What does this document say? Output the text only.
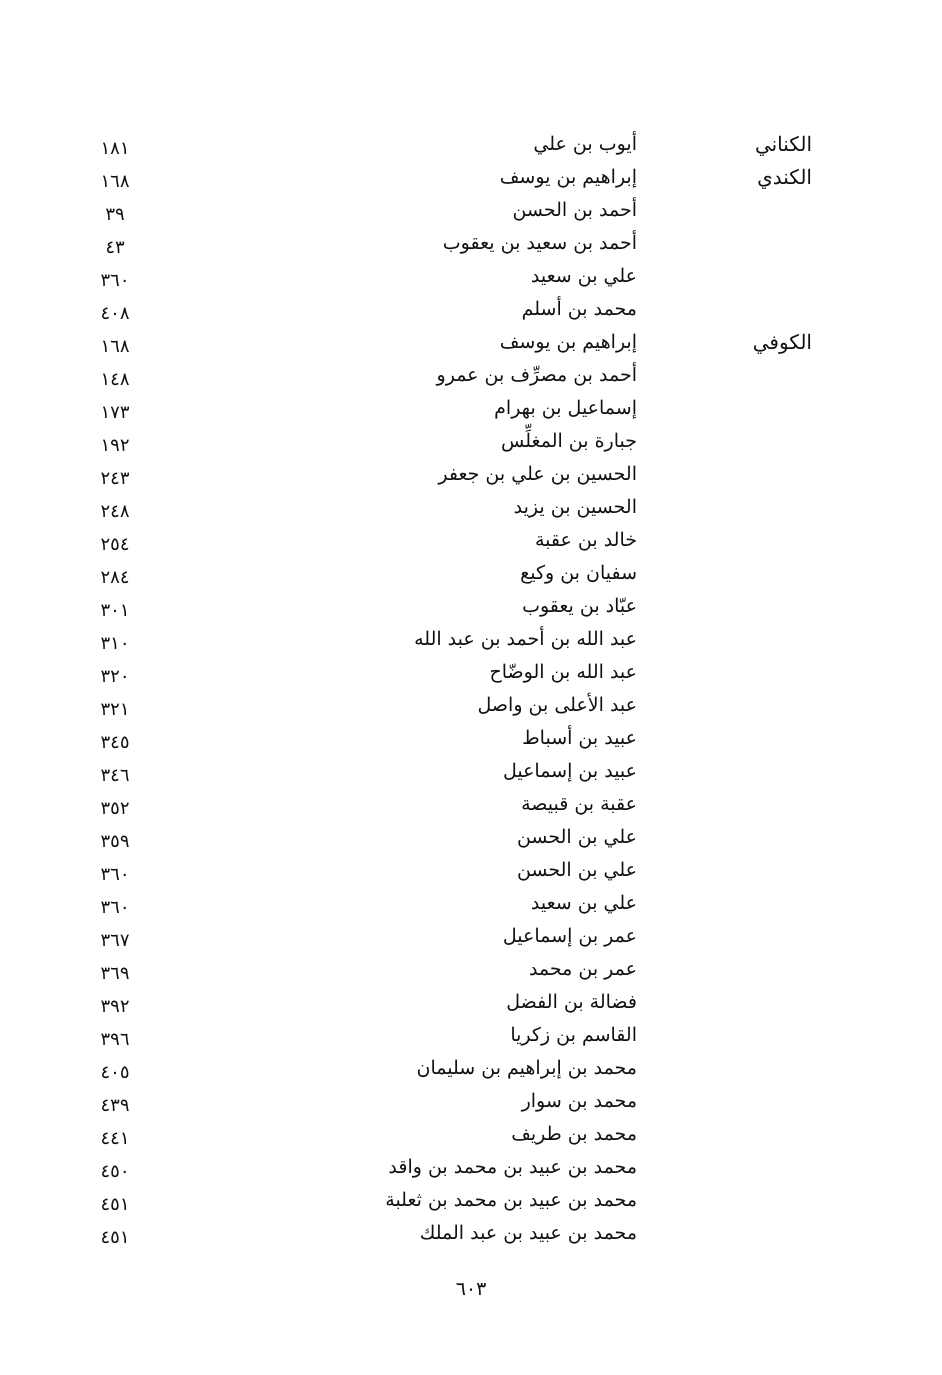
الكناني
أيوب بن علي
١٨١
الكندي
إبراهيم بن يوسف
١٦٨
أحمد بن الحسن
٣٩
أحمد بن سعيد بن يعقوب
٤٣
علي بن سعيد
٣٦٠
محمد بن أسلم
٤٠٨
الكوفي
إبراهيم بن يوسف
١٦٨
أحمد بن مصرِّف بن عمرو
١٤٨
إسماعيل بن بهرام
١٧٣
جبارة بن المغلِّس
١٩٢
الحسين بن علي بن جعفر
٢٤٣
الحسين بن يزيد
٢٤٨
خالد بن عقبة
٢٥٤
سفيان بن وكيع
٢٨٤
عبّاد بن يعقوب
٣٠١
عبد الله بن أحمد بن عبد الله
٣١٠
عبد الله بن الوضّاح
٣٢٠
عبد الأعلى بن واصل
٣٢١
عبيد بن أسباط
٣٤٥
عبيد بن إسماعيل
٣٤٦
عقبة بن قبيصة
٣٥٢
علي بن الحسن
٣٥٩
علي بن الحسن
٣٦٠
علي بن سعيد
٣٦٠
عمر بن إسماعيل
٣٦٧
عمر بن محمد
٣٦٩
فضالة بن الفضل
٣٩٢
القاسم بن زكريا
٣٩٦
محمد بن إبراهيم بن سليمان
٤٠٥
محمد بن سوار
٤٣٩
محمد بن طريف
٤٤١
محمد بن عبيد بن محمد بن واقد
٤٥٠
محمد بن عبيد بن محمد بن ثعلبة
٤٥١
محمد بن عبيد بن عبد الملك
٤٥١
٦٠٣
